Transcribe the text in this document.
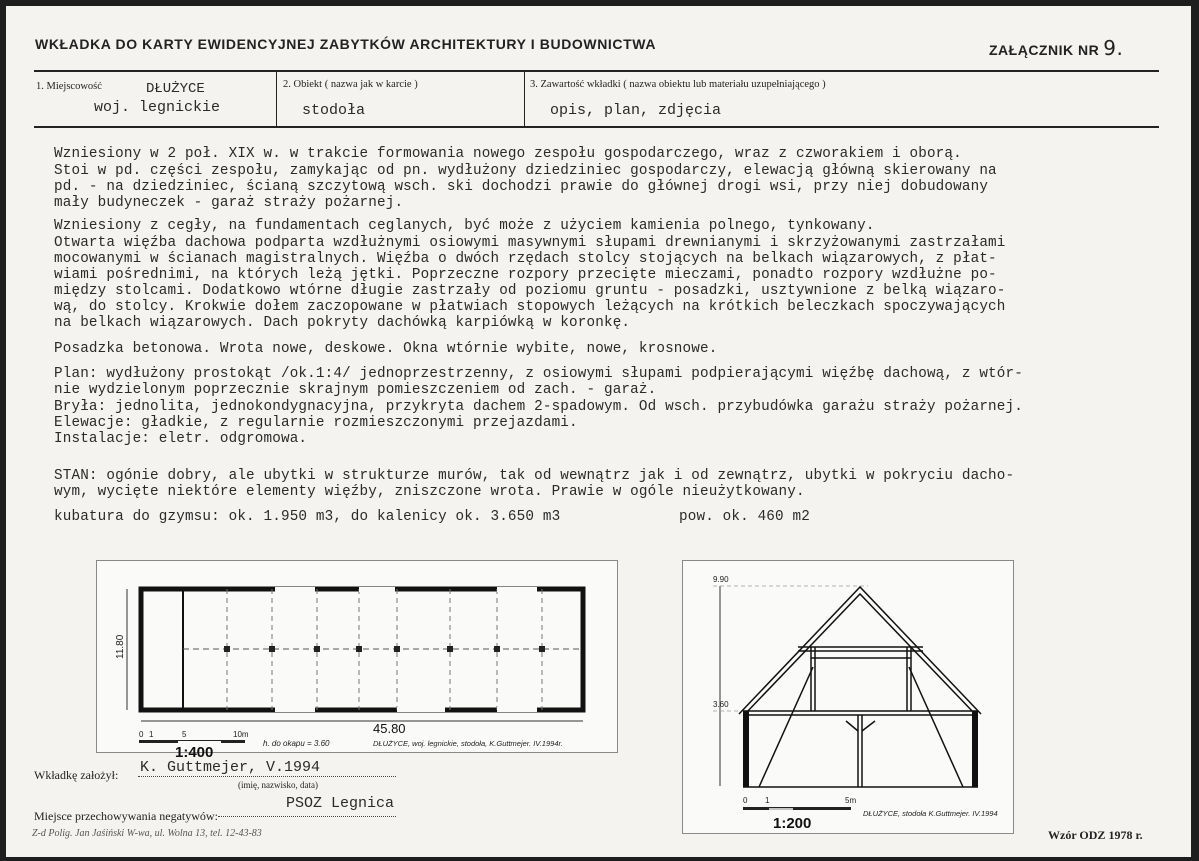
WKŁADKA DO KARTY EWIDENCYJNEJ ZABYTKÓW ARCHITEKTURY I BUDOWNICTWA	ZAŁĄCZNIK NR 9.
1. Miejscowość	DŁUŻYCE
woj. legnickie
2. Obiekt ( nazwa jak w karcie )
stodoła
3. Zawartość wkładki ( nazwa obiektu lub materiału uzupełniającego )
opis, plan, zdjęcia
Wzniesiony w 2 poł. XIX w. w trakcie formowania nowego zespołu gospodarczego, wraz z czworakiem i oborą.
Stoi w pd. części zespołu, zamykając od pn. wydłużony dziedziniec gospodarczy, elewacją główną skierowany na
pd. - na dziedziniec, ścianą szczytową wsch. ski dochodzi prawie do głównej drogi wsi, przy niej dobudowany
mały budyneczek - garaż straży pożarnej.
Wzniesiony z cegły, na fundamentach ceglanych, być może z użyciem kamienia polnego, tynkowany.
Otwarta więźba dachowa podparta wzdłużnymi osiowymi masywnymi słupami drewnianymi i skrzyżowanymi zastrzałami
mocowanymi w ścianach magistralnych. Więźba o dwóch rzędach stolcy stojących na belkach wiązarowych, z płat-
wiami pośrednimi, na których leżą jętki. Poprzeczne rozpory przecięte mieczami, ponadto rozpory wzdłużne po-
między stolcami. Dodatkowo wtórne długie zastrzały od poziomu gruntu - posadzki, usztywnione z belką wiązaro-
wą, do stolcy. Krokwie dołem zaczopowane w płatwiach stopowych leżących na krótkich beleczkach spoczywających
na belkach wiązarowych. Dach pokryty dachówką karpiówką w koronkę.
Posadzka betonowa. Wrota nowe, deskowe. Okna wtórnie wybite, nowe, krosnowe.
Plan: wydłużony prostokąt /ok.1:4/ jednoprzestrzenny, z osiowymi słupami podpierającymi więźbę dachową, z wtór-
nie wydzielonym poprzecznie skrajnym pomieszczeniem od zach. - garaż.
Bryła: jednolita, jednokondygnacyjna, przykryta dachem 2-spadowym. Od wsch. przybudówka garażu straży pożarnej.
Elewacje: gładkie, z regularnie rozmieszczonymi przejazdami.
Instalacje: eletr. odgromowa.
STAN: ogónie dobry, ale ubytki w strukturze murów, tak od wewnątrz jak i od zewnątrz, ubytki w pokryciu dacho-
wym, wycięte niektóre elementy więźby, zniszczone wrota. Prawie w ogóle nieużytkowany.
kubatura do gzymsu: ok. 1.950 m3, do kalenicy ok. 3.650 m3	pow. ok. 460 m2
11.80
45.80
0 1	5	10m
h. do okapu = 3.60	DŁUŻYCE, woj. legnickie, stodoła, K.Guttmejer. IV.1994r.
1:400
9.90
3.60
0 1	5m
DŁUŻYCE, stodoła K.Guttmejer. IV.1994
1:200
Wkładkę założył: K. Guttmejer, V.1994
(imię, nazwisko, data)
Miejsce przechowywania negatywów:
PSOZ Legnica
Z-d Polig. Jan Jaśiński W-wa, ul. Wolna 13, tel. 12-43-83	Wzór ODZ 1978 r.
